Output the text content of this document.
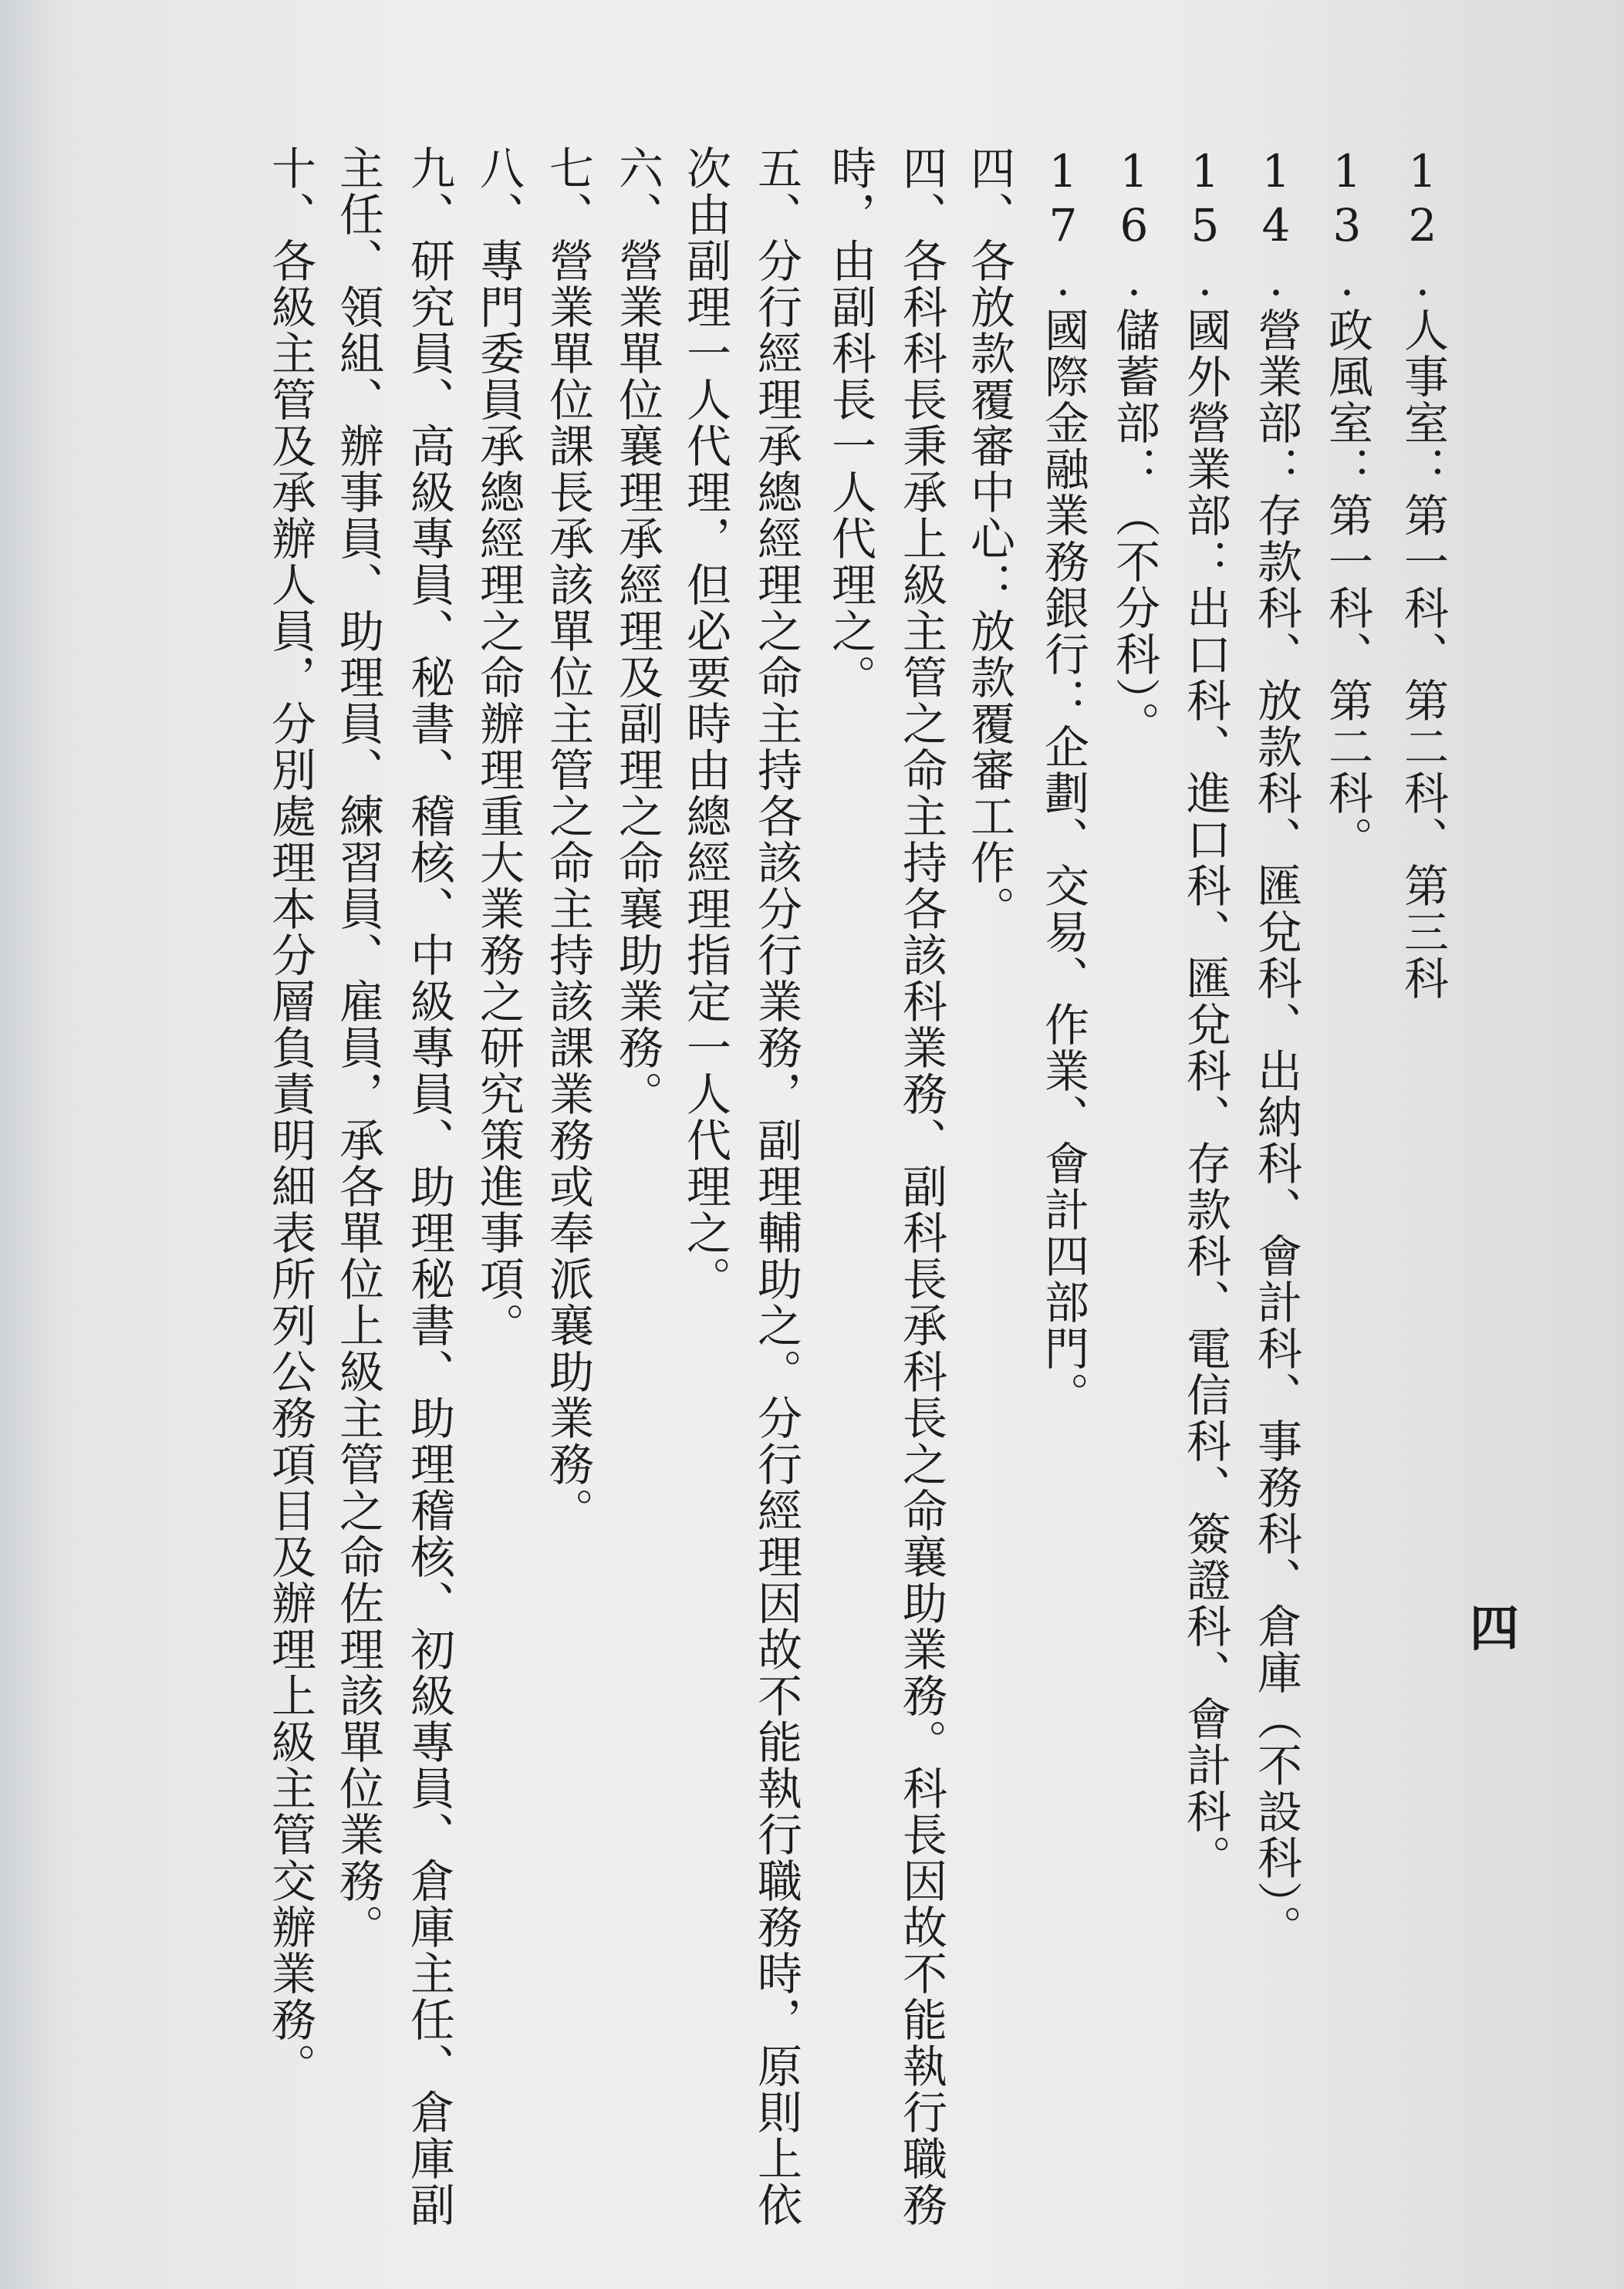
四
12.人事室：第一科、第二科、第三科
13.政風室：第一科、第二科。
14.營業部：存款科、放款科、匯兌科、出納科、會計科、事務科、倉庫（不設科）。
15.國外營業部：出口科、進口科、匯兌科、存款科、電信科、簽證科、會計科。
16.儲蓄部：（不分科）。
17.國際金融業務銀行：企劃、交易、作業、會計四部門。
四、各放款覆審中心：放款覆審工作。
四、各科科長秉承上級主管之命主持各該科業務、副科長承科長之命襄助業務。科長因故不能執行職務
時，由副科長一人代理之。
五、分行經理承總經理之命主持各該分行業務，副理輔助之。分行經理因故不能執行職務時，原則上依
次由副理一人代理，但必要時由總經理指定一人代理之。
六、營業單位襄理承經理及副理之命襄助業務。
七、營業單位課長承該單位主管之命主持該課業務或奉派襄助業務。
八、專門委員承總經理之命辦理重大業務之研究策進事項。
九、研究員、高級專員、秘書、稽核、中級專員、助理秘書、助理稽核、初級專員、倉庫主任、倉庫副
主任、領組、辦事員、助理員、練習員、雇員，承各單位上級主管之命佐理該單位業務。
十、各級主管及承辦人員，分別處理本分層負責明細表所列公務項目及辦理上級主管交辦業務。
